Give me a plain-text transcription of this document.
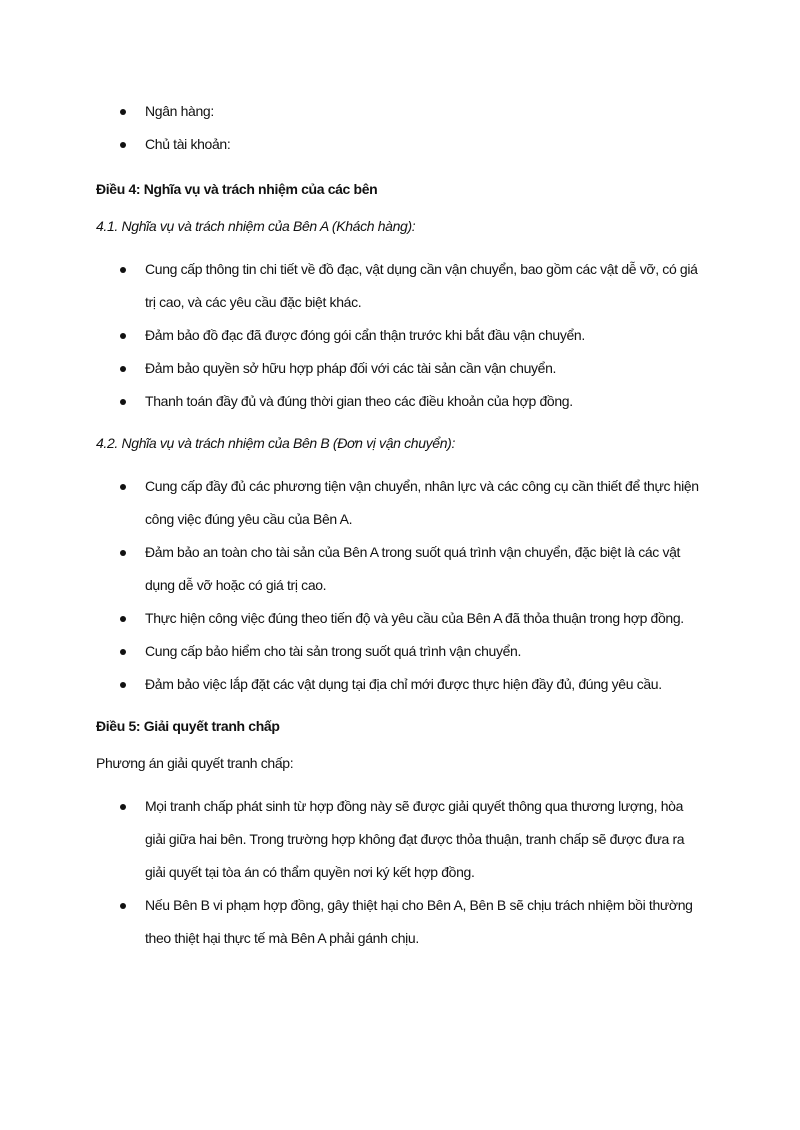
Ngân hàng:
Chủ tài khoản:

Điều 4: Nghĩa vụ và trách nhiệm của các bên

4.1. Nghĩa vụ và trách nhiệm của Bên A (Khách hàng):

Cung cấp thông tin chi tiết về đồ đạc, vật dụng cần vận chuyển, bao gồm các vật dễ vỡ, có giá trị cao, và các yêu cầu đặc biệt khác.
Đảm bảo đồ đạc đã được đóng gói cẩn thận trước khi bắt đầu vận chuyển.
Đảm bảo quyền sở hữu hợp pháp đối với các tài sản cần vận chuyển.
Thanh toán đầy đủ và đúng thời gian theo các điều khoản của hợp đồng.

4.2. Nghĩa vụ và trách nhiệm của Bên B (Đơn vị vận chuyển):

Cung cấp đầy đủ các phương tiện vận chuyển, nhân lực và các công cụ cần thiết để thực hiện công việc đúng yêu cầu của Bên A.
Đảm bảo an toàn cho tài sản của Bên A trong suốt quá trình vận chuyển, đặc biệt là các vật dụng dễ vỡ hoặc có giá trị cao.
Thực hiện công việc đúng theo tiến độ và yêu cầu của Bên A đã thỏa thuận trong hợp đồng.
Cung cấp bảo hiểm cho tài sản trong suốt quá trình vận chuyển.
Đảm bảo việc lắp đặt các vật dụng tại địa chỉ mới được thực hiện đầy đủ, đúng yêu cầu.

Điều 5: Giải quyết tranh chấp

Phương án giải quyết tranh chấp:

Mọi tranh chấp phát sinh từ hợp đồng này sẽ được giải quyết thông qua thương lượng, hòa giải giữa hai bên. Trong trường hợp không đạt được thỏa thuận, tranh chấp sẽ được đưa ra giải quyết tại tòa án có thẩm quyền nơi ký kết hợp đồng.
Nếu Bên B vi phạm hợp đồng, gây thiệt hại cho Bên A, Bên B sẽ chịu trách nhiệm bồi thường theo thiệt hại thực tế mà Bên A phải gánh chịu.
